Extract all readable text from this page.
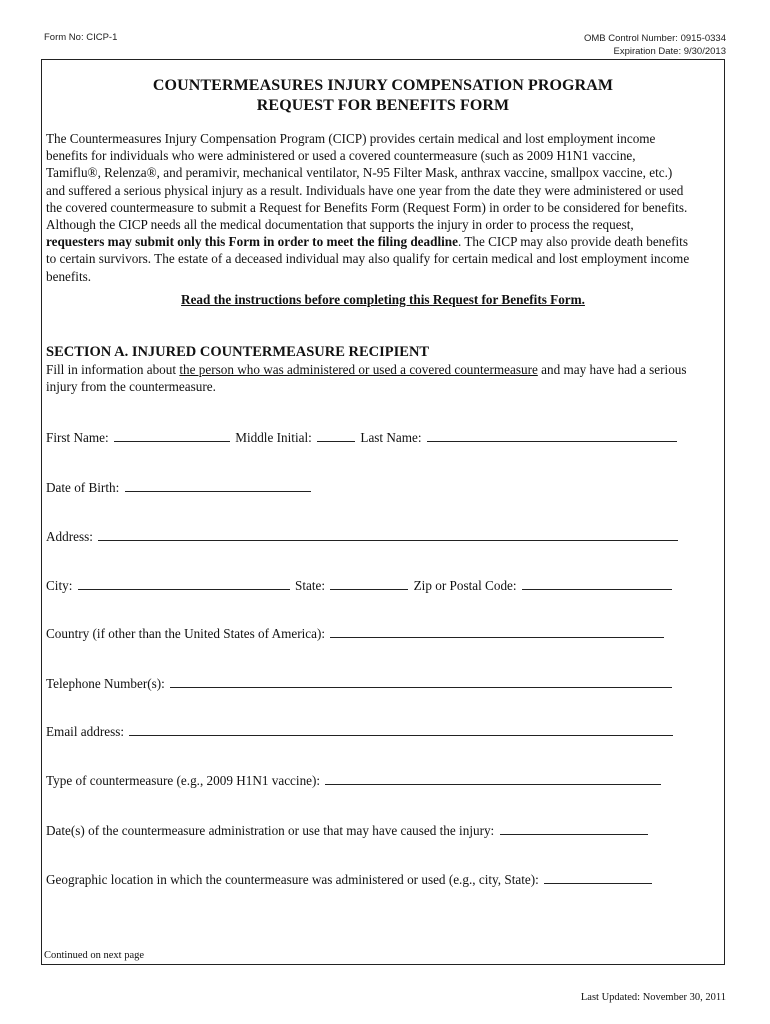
Form No: CICP-1	OMB Control Number: 0915-0334
Expiration Date: 9/30/2013
COUNTERMEASURES INJURY COMPENSATION PROGRAM
REQUEST FOR BENEFITS FORM
The Countermeasures Injury Compensation Program (CICP) provides certain medical and lost employment income
benefits for individuals who were administered or used a covered countermeasure (such as 2009 H1N1 vaccine,
Tamiflu®, Relenza®, and peramivir, mechanical ventilator, N-95 Filter Mask, anthrax vaccine, smallpox vaccine, etc.)
and suffered a serious physical injury as a result. Individuals have one year from the date they were administered or used
the covered countermeasure to submit a Request for Benefits Form (Request Form) in order to be considered for benefits.
Although the CICP needs all the medical documentation that supports the injury in order to process the request,
requesters may submit only this Form in order to meet the filing deadline. The CICP may also provide death benefits
to certain survivors. The estate of a deceased individual may also qualify for certain medical and lost employment income
benefits.
Read the instructions before completing this Request for Benefits Form.
SECTION A. INJURED COUNTERMEASURE RECIPIENT
Fill in information about the person who was administered or used a covered countermeasure and may have had a serious
injury from the countermeasure.
First Name:	Middle Initial:	Last Name:
Date of Birth:
Address:
City:	State:	Zip or Postal Code:
Country (if other than the United States of America):
Telephone Number(s):
Email address:
Type of countermeasure (e.g., 2009 H1N1 vaccine):
Date(s) of the countermeasure administration or use that may have caused the injury:
Geographic location in which the countermeasure was administered or used (e.g., city, State):
Continued on next page
Last Updated: November 30, 2011
